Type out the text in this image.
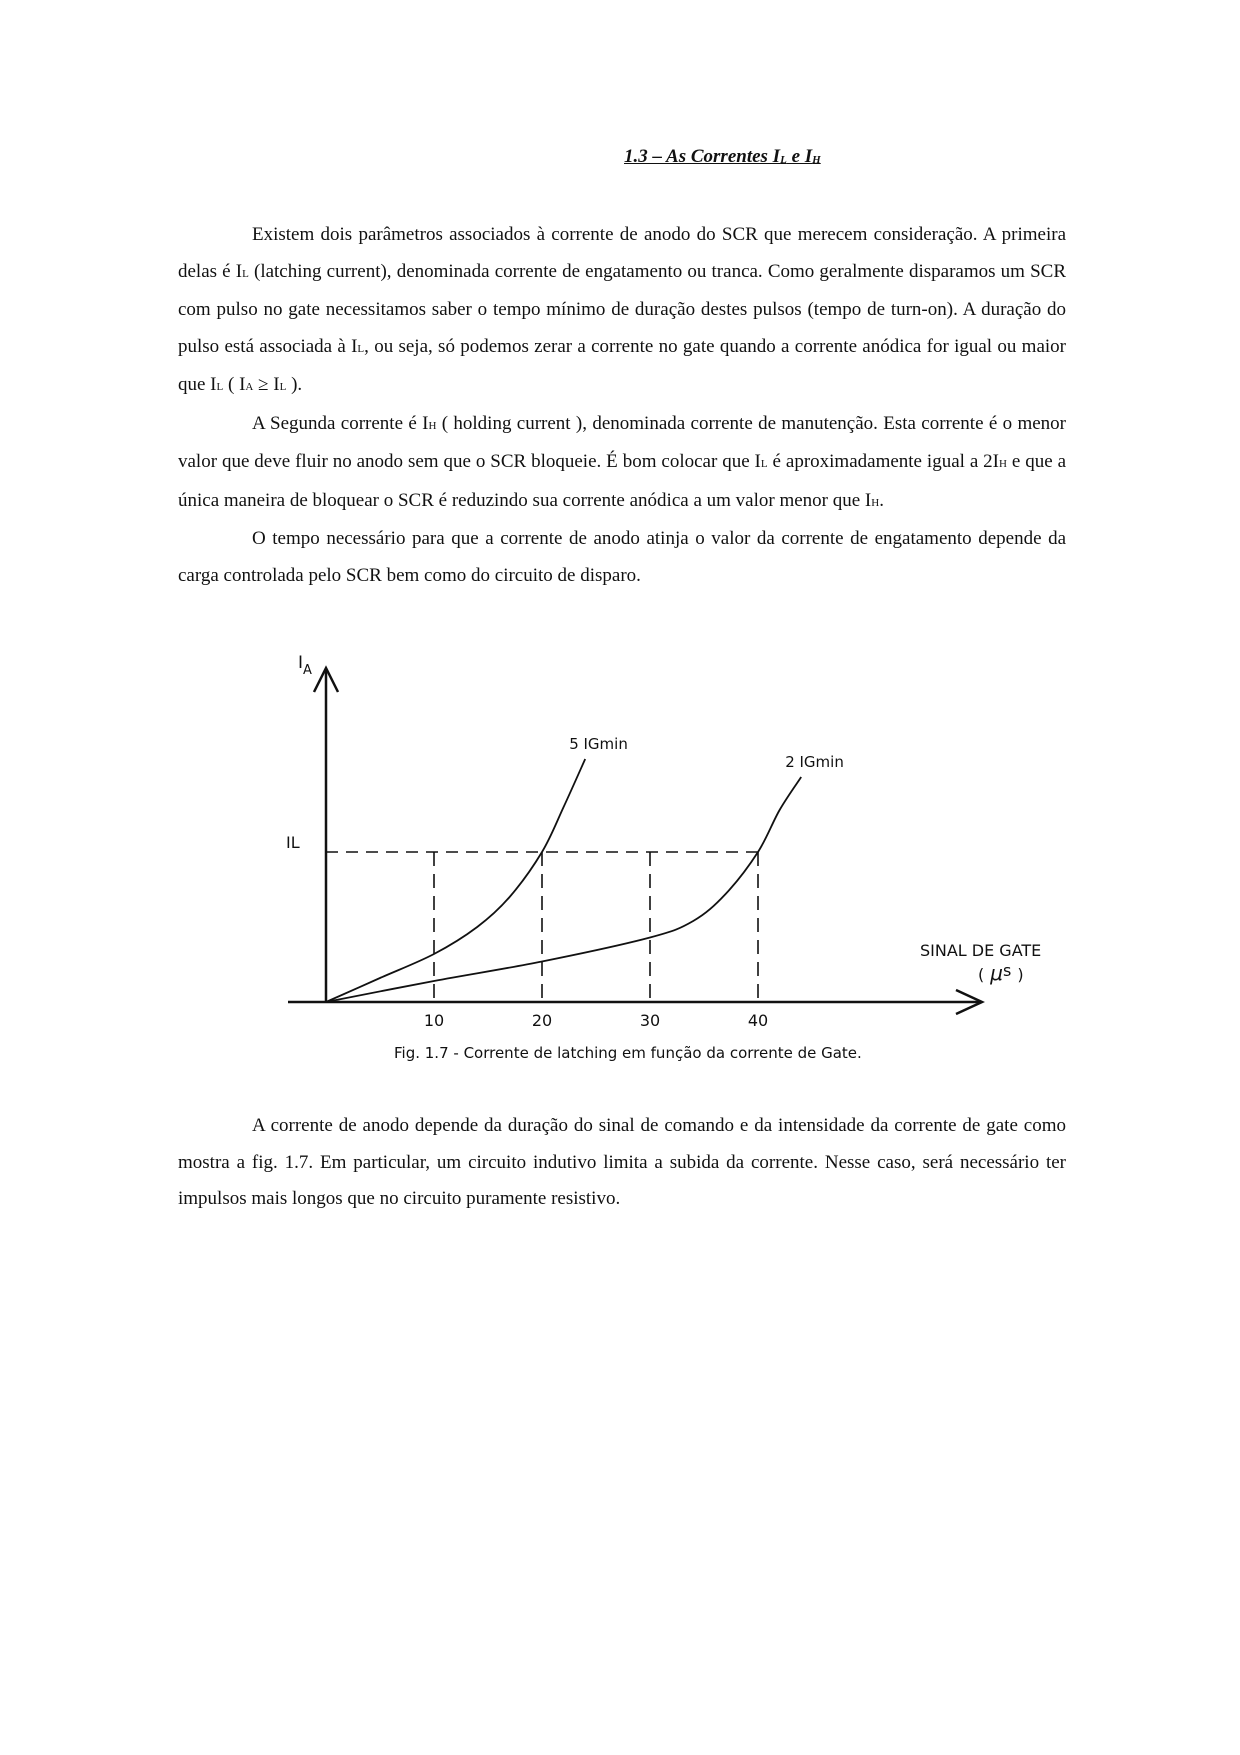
1.3 – As Correntes $I_L$ e $I_H$

Existem dois parâmetros associados à corrente de anodo do SCR que merecem consideração. A primeira delas é IL (latching current), denominada corrente de engatamento ou tranca. Como geralmente disparamos um SCR com pulso no gate necessitamos saber o tempo mínimo de duração destes pulsos (tempo de turn-on). A duração do pulso está associada à IL, ou seja, só podemos zerar a corrente no gate quando a corrente anódica for igual ou maior que IL ( IA ≥ IL ).

A Segunda corrente é IH ( holding current ), denominada corrente de manutenção. Esta corrente é o menor valor que deve fluir no anodo sem que o SCR bloqueie. É bom colocar que IL é aproximadamente igual a 2IH e que a única maneira de bloquear o SCR é reduzindo sua corrente anódica a um valor menor que IH.

O tempo necessário para que a corrente de anodo atinja o valor da corrente de engatamento depende da carga controlada pelo SCR bem como do circuito de disparo.

$I_A$
IL
SINAL DE GATE
( μs )
Fig. 1.7 - Corrente de latching em função da corrente de Gate.
10	20	30	40
5 IGmin
2 IGmin

A corrente de anodo depende da duração do sinal de comando e da intensidade da corrente de gate como mostra a fig. 1.7. Em particular, um circuito indutivo limita a subida da corrente. Nesse caso, será necessário ter impulsos mais longos que no circuito puramente resistivo.
